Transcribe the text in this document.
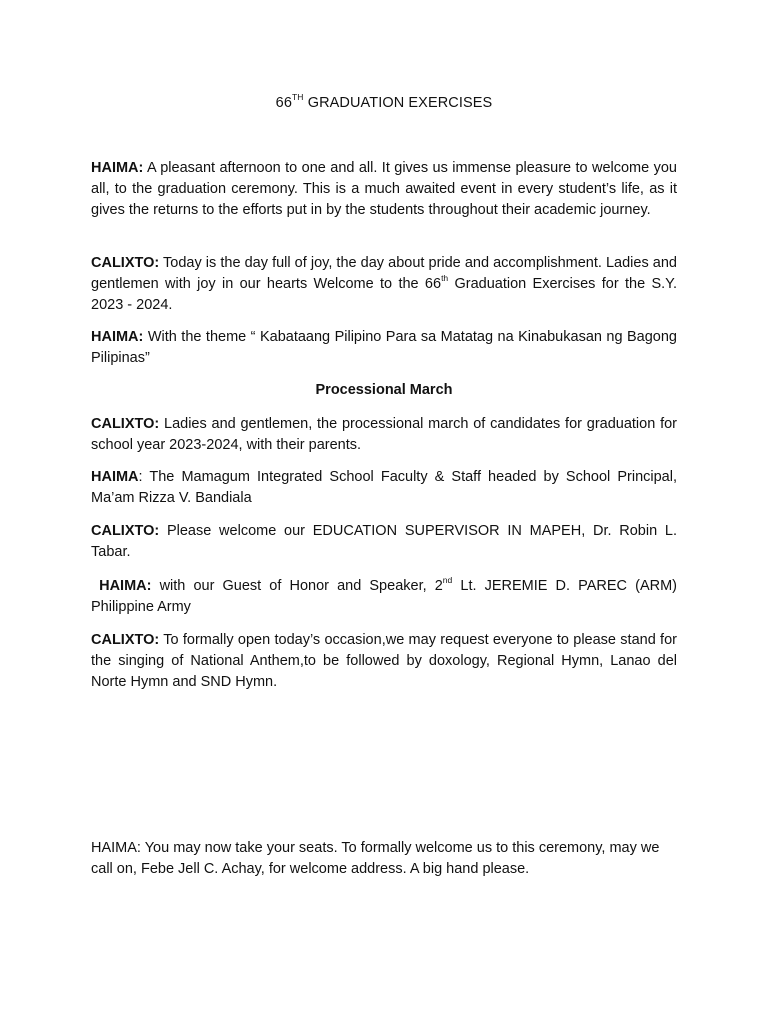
66TH GRADUATION EXERCISES

HAIMA: A pleasant afternoon to one and all. It gives us immense pleasure to welcome you all, to the graduation ceremony. This is a much awaited event in every student’s life, as it gives the returns to the efforts put in by the students throughout their academic journey.

CALIXTO: Today is the day full of joy, the day about pride and accomplishment. Ladies and gentlemen with joy in our hearts Welcome to the 66th Graduation Exercises for the S.Y. 2023 - 2024.

HAIMA: With the theme “ Kabataang Pilipino Para sa Matatag na Kinabukasan ng Bagong Pilipinas”

Processional March

CALIXTO: Ladies and gentlemen, the processional march of candidates for graduation for school year 2023-2024, with their parents.

HAIMA: The Mamagum Integrated School Faculty & Staff headed by School Principal, Ma’am Rizza V. Bandiala

CALIXTO: Please welcome our EDUCATION SUPERVISOR IN MAPEH, Dr. Robin L. Tabar.

HAIMA: with our Guest of Honor and Speaker, 2nd Lt. JEREMIE D. PAREC (ARM) Philippine Army

CALIXTO: To formally open today’s occasion,we may request everyone to please stand for the singing of National Anthem,to be followed by doxology, Regional Hymn, Lanao del Norte Hymn and SND Hymn.

HAIMA: You may now take your seats. To formally welcome us to this ceremony, may we call on, Febe Jell C. Achay, for welcome address. A big hand please.
